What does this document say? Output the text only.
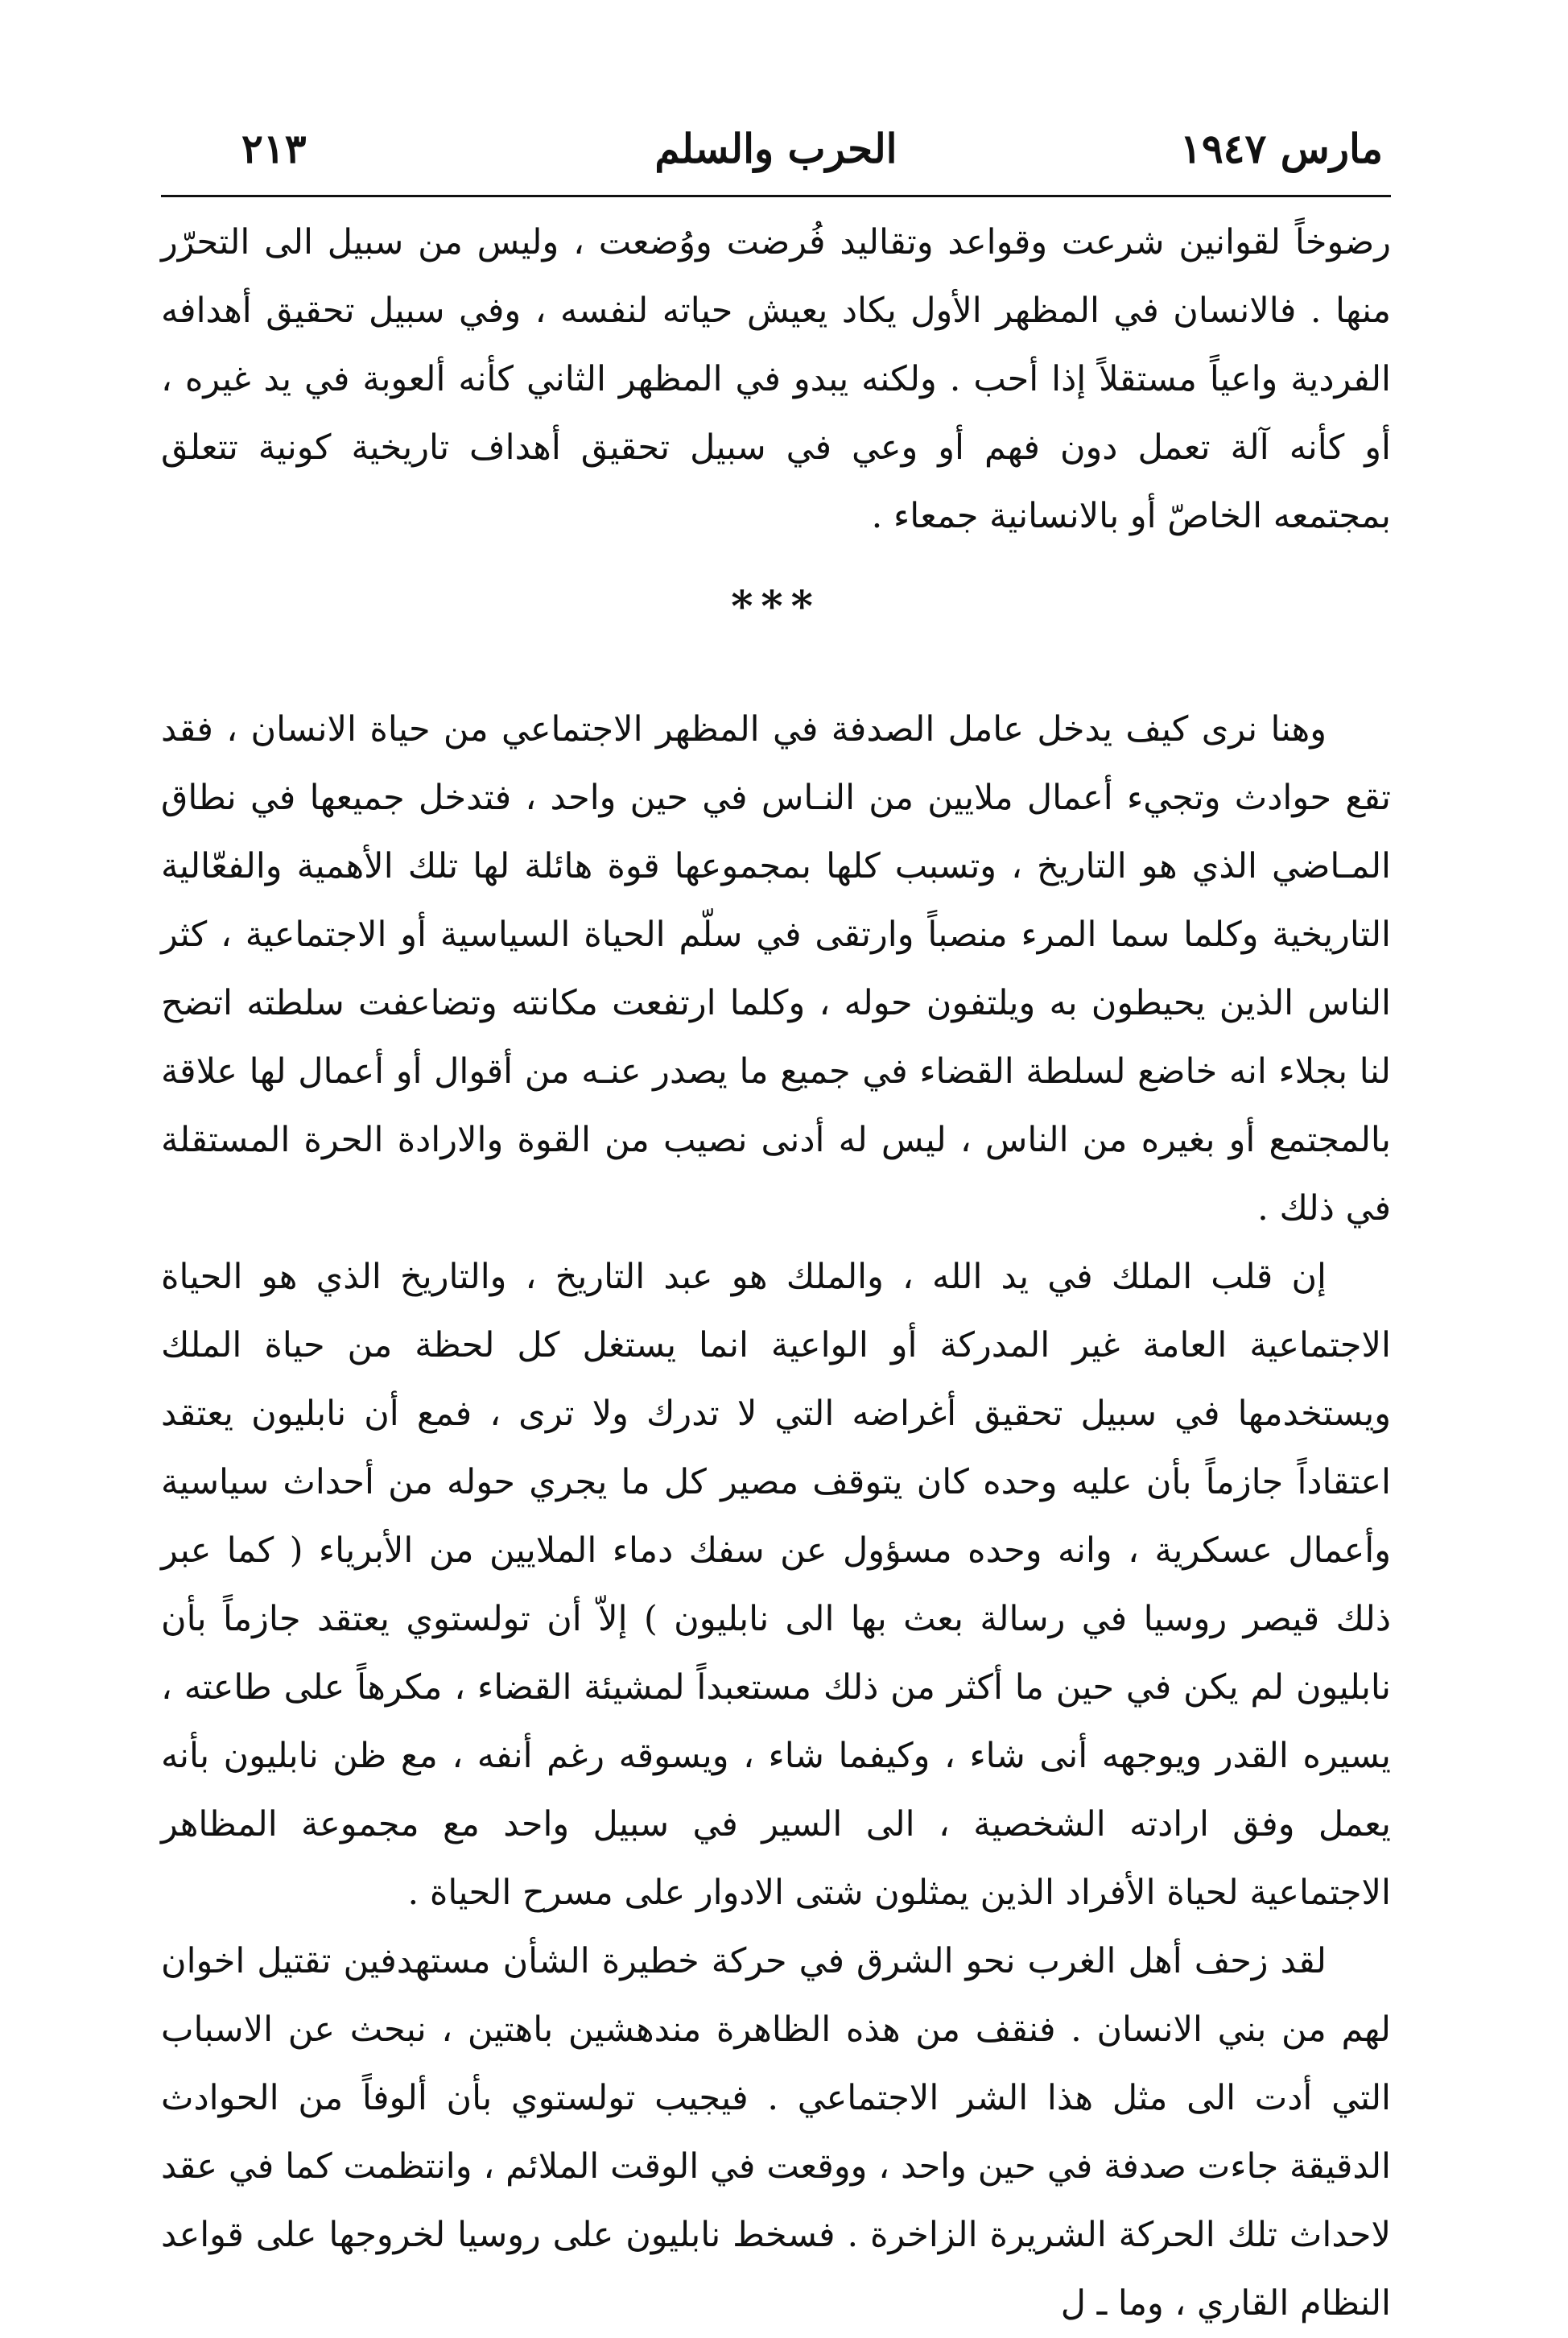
٢١٣	الحرب والسلم	مارس ١٩٤٧

رضوخاً لقوانين شرعت وقواعد وتقاليد فُرضت ووُضعت ، وليس من سبيل الى التحرّر منها . فالانسان في المظهر الأول يكاد يعيش حياته لنفسه ، وفي سبيل تحقيق أهدافه الفردية واعياً مستقلاً إذا أحب . ولكنه يبدو في المظهر الثاني كأنه ألعوبة في يد غيره ، أو كأنه آلة تعمل دون فهم أو وعي في سبيل تحقيق أهداف تاريخية كونية تتعلق بمجتمعه الخاصّ أو بالانسانية جمعاء .

***

وهنا نرى كيف يدخل عامل الصدفة في المظهر الاجتماعي من حياة الانسان ، فقد تقع حوادث وتجيء أعمال ملايين من النـاس في حين واحد ، فتدخل جميعها في نطاق المـاضي الذي هو التاريخ ، وتسبب كلها بمجموعها قوة هائلة لها تلك الأهمية والفعّالية التاريخية وكلما سما المرء منصباً وارتقى في سلّم الحياة السياسية أو الاجتماعية ، كثر الناس الذين يحيطون به ويلتفون حوله ، وكلما ارتفعت مكانته وتضاعفت سلطته اتضح لنا بجلاء انه خاضع لسلطة القضاء في جميع ما يصدر عنـه من أقوال أو أعمال لها علاقة بالمجتمع أو بغيره من الناس ، ليس له أدنى نصيب من القوة والارادة الحرة المستقلة في ذلك .

إن قلب الملك في يد الله ، والملك هو عبد التاريخ ، والتاريخ الذي هو الحياة الاجتماعية العامة غير المدركة أو الواعية انما يستغل كل لحظة من حياة الملك ويستخدمها في سبيل تحقيق أغراضه التي لا تدرك ولا ترى ، فمع أن نابليون يعتقد اعتقاداً جازماً بأن عليه وحده كان يتوقف مصير كل ما يجري حوله من أحداث سياسية وأعمال عسكرية ، وانه وحده مسؤول عن سفك دماء الملايين من الأبرياء ( كما عبر ذلك قيصر روسيا في رسالة بعث بها الى نابليون ) إلاّ أن تولستوي يعتقد جازماً بأن نابليون لم يكن في حين ما أكثر من ذلك مستعبداً لمشيئة القضاء ، مكرهاً على طاعته ، يسيره القدر ويوجهه أنى شاء ، وكيفما شاء ، ويسوقه رغم أنفه ، مع ظن نابليون بأنه يعمل وفق ارادته الشخصية ، الى السير في سبيل واحد مع مجموعة المظاهر الاجتماعية لحياة الأفراد الذين يمثلون شتى الادوار على مسرح الحياة .

لقد زحف أهل الغرب نحو الشرق في حركة خطيرة الشأن مستهدفين تقتيل اخوان لهم من بني الانسان . فنقف من هذه الظاهرة مندهشين باهتين ، نبحث عن الاسباب التي أدت الى مثل هذا الشر الاجتماعي . فيجيب تولستوي بأن ألوفاً من الحوادث الدقيقة جاءت صدفة في حين واحد ، ووقعت في الوقت الملائم ، وانتظمت كما في عقد لاحداث تلك الحركة الشريرة الزاخرة . فسخط نابليون على روسيا لخروجها على قواعد النظام القاري ، وما ـ ل
